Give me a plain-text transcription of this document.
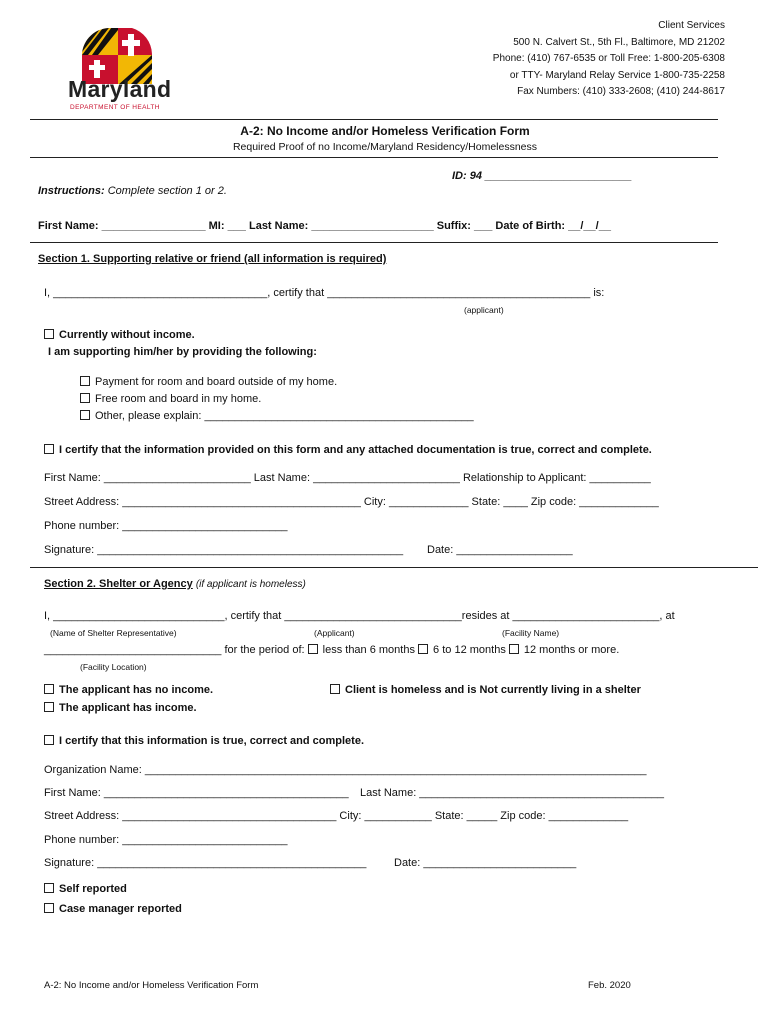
Maryland
DEPARTMENT OF HEALTH
Client Services
500 N. Calvert St., 5th Fl., Baltimore, MD 21202
Phone: (410) 767-6535 or Toll Free: 1-800-205-6308
or TTY- Maryland Relay Service 1-800-735-2258
Fax Numbers: (410) 333-2608; (410) 244-8617
A-2: No Income and/or Homeless Verification Form
Required Proof of no Income/Maryland Residency/Homelessness
ID: 94 ________________________
Instructions: Complete section 1 or 2.
First Name: _________________ MI: ___ Last Name: ____________________ Suffix: ___ Date of Birth: __/__/__
Section 1. Supporting relative or friend (all information is required)
I, ___________________________________, certify that ___________________________________________ is:
(applicant)
Currently without income.
I am supporting him/her by providing the following:
Payment for room and board outside of my home.
Free room and board in my home.
Other, please explain: ____________________________________________
I certify that the information provided on this form and any attached documentation is true, correct and complete.
First Name: ________________________ Last Name: ________________________ Relationship to Applicant: __________
Street Address: _______________________________________ City: _____________ State: ____ Zip code: _____________
Phone number: ___________________________
Signature: __________________________________________________ Date: ___________________
Section 2. Shelter or Agency (if applicant is homeless)
I, ____________________________, certify that _____________________________resides at ________________________, at
(Name of Shelter Representative)	(Applicant)	(Facility Name)
_____________________________ for the period of: less than 6 months 6 to 12 months 12 months or more.
(Facility Location)
The applicant has no income.	Client is homeless and is Not currently living in a shelter
The applicant has income.
I certify that this information is true, correct and complete.
Organization Name: __________________________________________________________________________________
First Name: ________________________________________ Last Name: ________________________________________
Street Address: ___________________________________ City: ___________ State: _____ Zip code: _____________
Phone number: ___________________________
Signature: ____________________________________________	Date: _________________________
Self reported
Case manager reported
A-2: No Income and/or Homeless Verification Form	Feb. 2020
